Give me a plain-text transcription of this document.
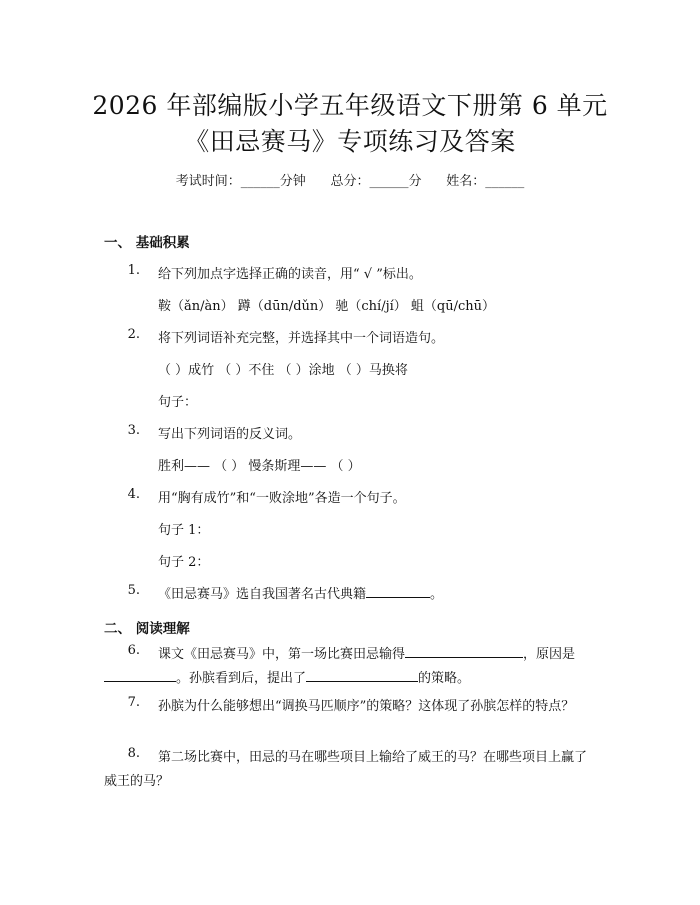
2026 年部编版小学五年级语文下册第 6 单元
《田忌赛马》专项练习及答案
考试时间：______分钟      总分：______分      姓名：______
一、 基础积累
1. 给下列加点字选择正确的读音，用“ √ ”标出。
鞍（ǎn/àn） 蹲（dūn/dǔn） 驰（chí/jí） 蛆（qū/chū）
2. 将下列词语补充完整，并选择其中一个词语造句。
（ ）成竹 （ ）不住 （ ）涂地 （ ）马换将
句子：
3. 写出下列词语的反义词。
胜利—— （ ） 慢条斯理—— （ ）
4. 用“胸有成竹”和“一败涂地”各造一个句子。
句子 1：
句子 2：
5. 《田忌赛马》选自我国著名古代典籍	。
二、 阅读理解
6.	课文《田忌赛马》中，第一场比赛田忌输得	，原因是
。孙膑看到后，提出了	的策略。
7.	孙膑为什么能够想出“调换马匹顺序”的策略？这体现了孙膑怎样的特点？
8.	第二场比赛中，田忌的马在哪些项目上输给了威王的马？在哪些项目上赢了威王的马？
